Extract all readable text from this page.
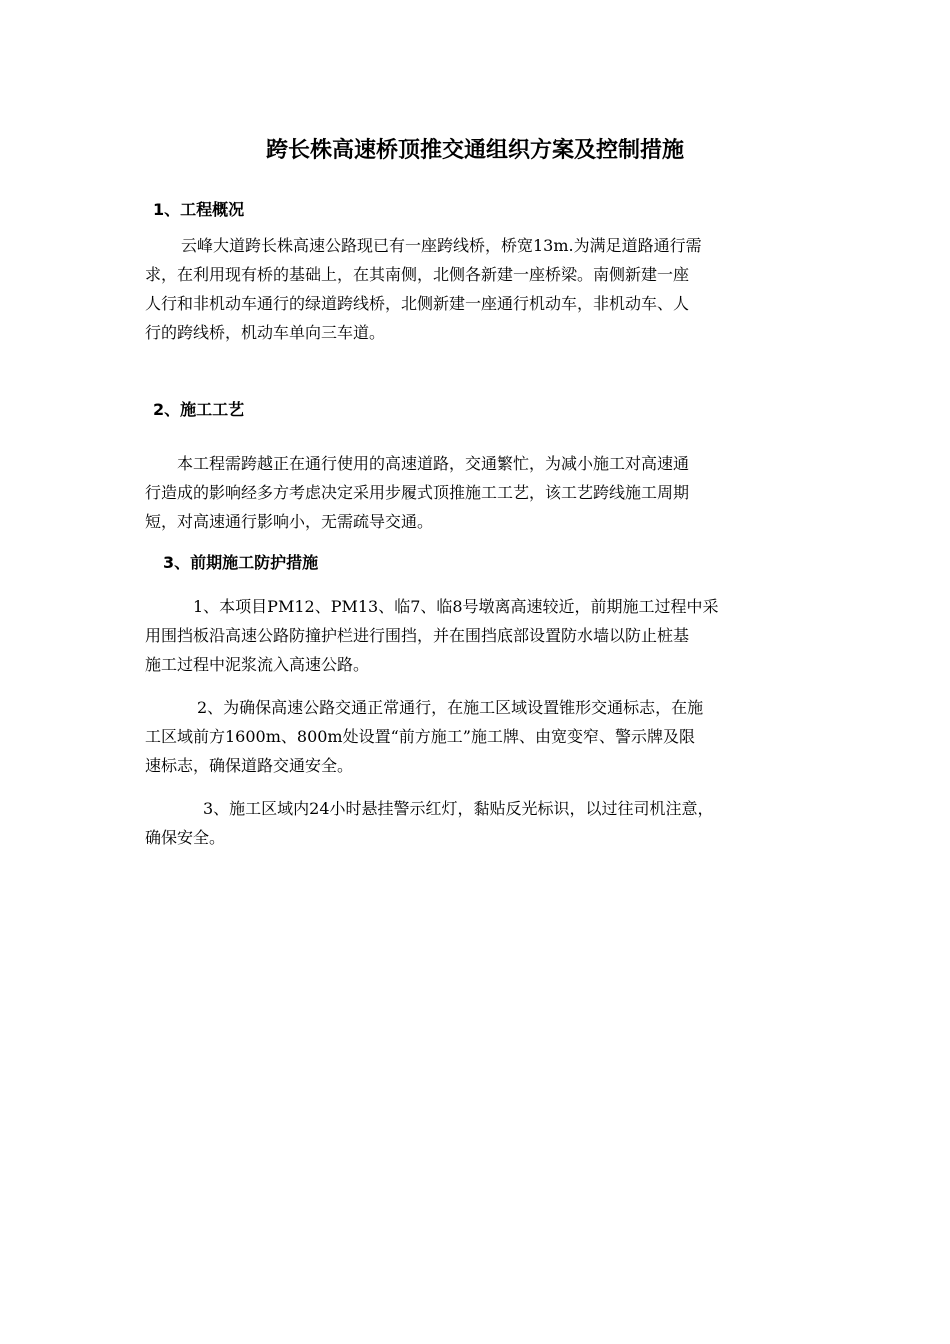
跨长株高速桥顶推交通组织方案及控制措施
1、工程概况
云峰大道跨长株高速公路现已有一座跨线桥，桥宽13m.为满足道路通行需
求，在利用现有桥的基础上，在其南侧，北侧各新建一座桥梁。南侧新建一座
人行和非机动车通行的绿道跨线桥，北侧新建一座通行机动车，非机动车、人
行的跨线桥，机动车单向三车道。
2、施工工艺
本工程需跨越正在通行使用的高速道路，交通繁忙，为减小施工对高速通
行造成的影响经多方考虑决定采用步履式顶推施工工艺，该工艺跨线施工周期
短，对高速通行影响小，无需疏导交通。
3、前期施工防护措施
1、本项目PM12、PM13、临7、临8号墩离高速较近，前期施工过程中采
用围挡板沿高速公路防撞护栏进行围挡，并在围挡底部设置防水墙以防止桩基
施工过程中泥浆流入高速公路。
2、为确保高速公路交通正常通行，在施工区域设置锥形交通标志，在施
工区域前方1600m、800m处设置“前方施工”施工牌、由宽变窄、警示牌及限
速标志，确保道路交通安全。
3、施工区域内24小时悬挂警示红灯，黏贴反光标识，以过往司机注意，
确保安全。
